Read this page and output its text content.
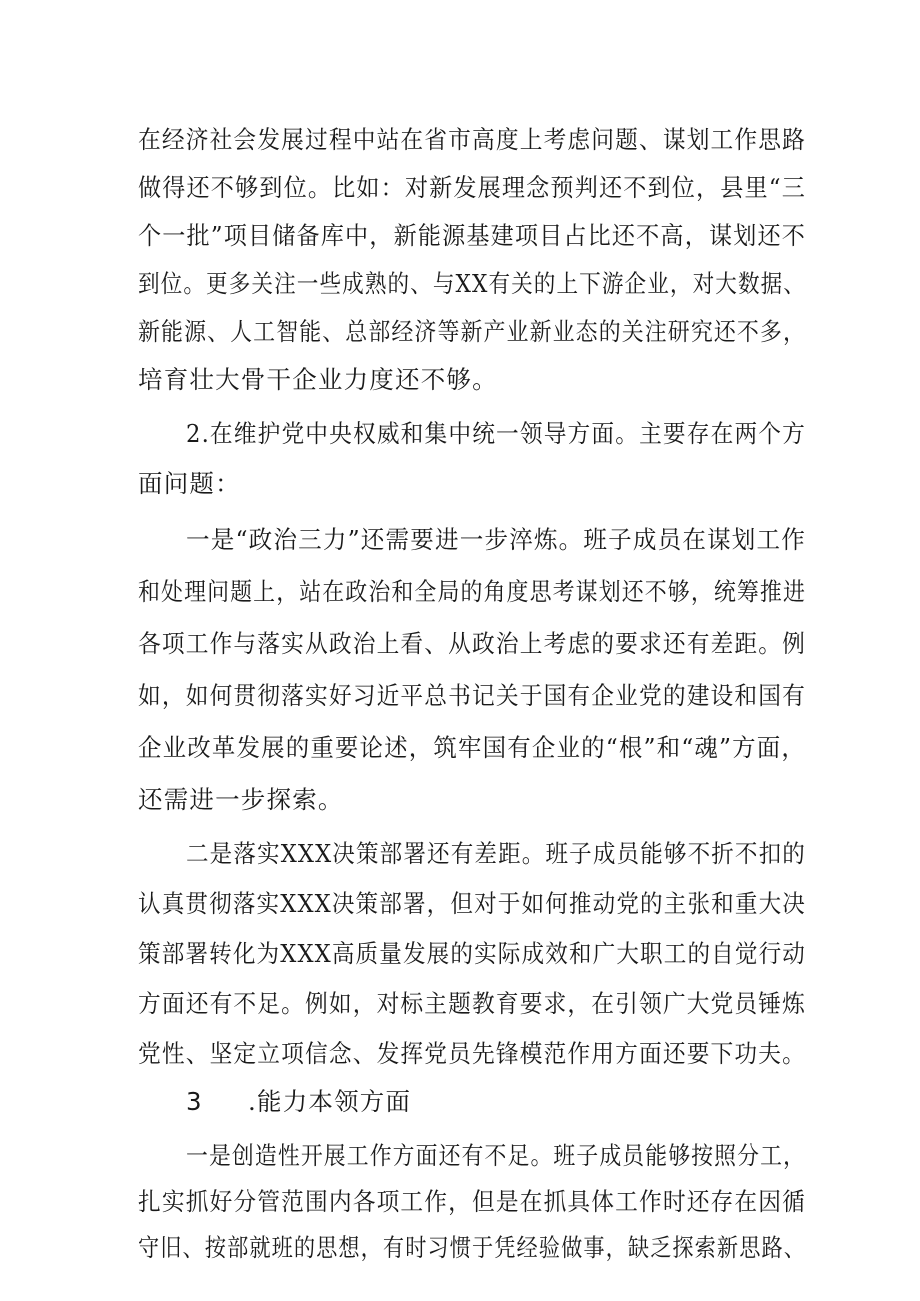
在经济社会发展过程中站在省市高度上考虑问题、谋划工作思路
做得还不够到位。比如：对新发展理念预判还不到位，县里“三
个一批”项目储备库中，新能源基建项目占比还不高，谋划还不
到位。更多关注一些成熟的、与XX有关的上下游企业，对大数据、
新能源、人工智能、总部经济等新产业新业态的关注研究还不多，
培育壮大骨干企业力度还不够。
2.在维护党中央权威和集中统一领导方面。主要存在两个方
面问题：
一是“政治三力”还需要进一步淬炼。班子成员在谋划工作
和处理问题上，站在政治和全局的角度思考谋划还不够，统筹推进
各项工作与落实从政治上看、从政治上考虑的要求还有差距。例
如，如何贯彻落实好习近平总书记关于国有企业党的建设和国有
企业改革发展的重要论述，筑牢国有企业的“根”和“魂”方面，
还需进一步探索。
二是落实XXX决策部署还有差距。班子成员能够不折不扣的
认真贯彻落实XXX决策部署，但对于如何推动党的主张和重大决
策部署转化为XXX高质量发展的实际成效和广大职工的自觉行动
方面还有不足。例如，对标主题教育要求，在引领广大党员锤炼
党性、坚定立项信念、发挥党员先锋模范作用方面还要下功夫。
3 .能力本领方面
一是创造性开展工作方面还有不足。班子成员能够按照分工，
扎实抓好分管范围内各项工作，但是在抓具体工作时还存在因循
守旧、按部就班的思想，有时习惯于凭经验做事，缺乏探索新思路、
